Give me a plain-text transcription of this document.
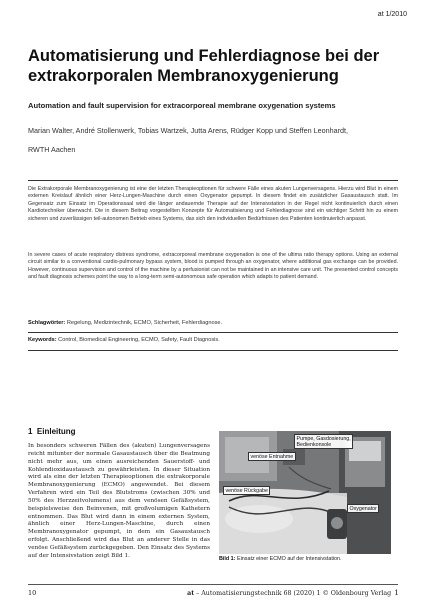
at 1/2010
Automatisierung und Fehlerdiagnose bei der extrakorporalen Membranoxygenierung
Automation and fault supervision for extracorporeal membrane oxygenation systems
Marian Walter, André Stollenwerk, Tobias Wartzek, Jutta Arens, Rüdger Kopp und Steffen Leonhardt,
RWTH Aachen

Die Extrakorporale Membranoxygenierung ist eine der letzten Therapieoptionen für schwere Fälle eines akuten Lungenversagens. Hierzu wird Blut in einem externen Kreislauf ähnlich einer Herz-Lungen-Maschine durch einen Oxygenator gepumpt. In diesem findet ein zusätzlicher Gasaustausch statt. Im Gegensatz zum Einsatz im Operationssaal wird die länger andauernde Therapie auf der Intensivstation in der Regel nicht kontinuierlich durch einen Kardiotechniker überwacht. Die in diesem Beitrag vorgestellten Konzepte für Automatisierung und Fehlerdiagnose sind ein wichtiger Schritt hin zu einem sicheren und zuverlässigen teil-autonomen Betrieb eines Systems, das sich den individuellen Bedürfnissen des Patienten kontinuierlich anpasst.

In severe cases of acute respiratory distress syndrome, extracorporeal membrane oxygenation is one of the ultima ratio therapy options. Using an external circuit similar to a conventional cardio-pulmonary bypass system, blood is pumped through an oxygenator, where additional gas exchange can be provided. However, continuous supervision and control of the machine by a perfusionist can not be maintained in an intensive care unit. The presented control concepts and fault diagnosis schemes point the way to a long-term semi-autonomous safe operation which adapts to patient demand.

Schlagwörter: Regelung, Medizintechnik, ECMO, Sicherheit, Fehlerdiagnose.
Keywords: Control, Biomedical Engineering, ECMO, Safety, Fault Diagnosis.
1 Einleitung

In besonders schweren Fällen des (akuten) Lungenversagens reicht mitunter der normale Gasaustausch über die Beatmung nicht mehr aus, um einen ausreichenden Sauerstoff- und Kohlendioxidaustausch zu gewährleisten. In dieser Situation wird als eine der letzten Therapieoptionen die extrakorporale Membranoxygenierung (ECMO) angewendet. Bei diesem Verfahren wird ein Teil des Blutstroms (zwischen 30% und 50% des Herzzeitvolumens) aus dem venösen Gefäßsystem, beispielsweise den Beinvenen, mit großvolumigen Kathetern entnommen. Das Blut wird dann in einem externen System, ähnlich einer Herz-Lungen-Maschine, durch einen Membranoxygenator gepumpt, in dem ein Gasaustausch erfolgt. Anschließend wird das Blut an anderer Stelle in das venöse Gefäßsystem zurückgegeben. Den Einsatz des Systems auf der Intensivstation zeigt Bild 1.

Pumpe, Gasdosierung,
Bedienkonsole
venöse Entnahme
venöse Rückgabe
Oxygenator
Bild 1: Einsatz einer ECMO auf der Intensivstation.
10	at – Automatisierungstechnik 68 (2020) 1 © Oldenbourg Verlag 1
